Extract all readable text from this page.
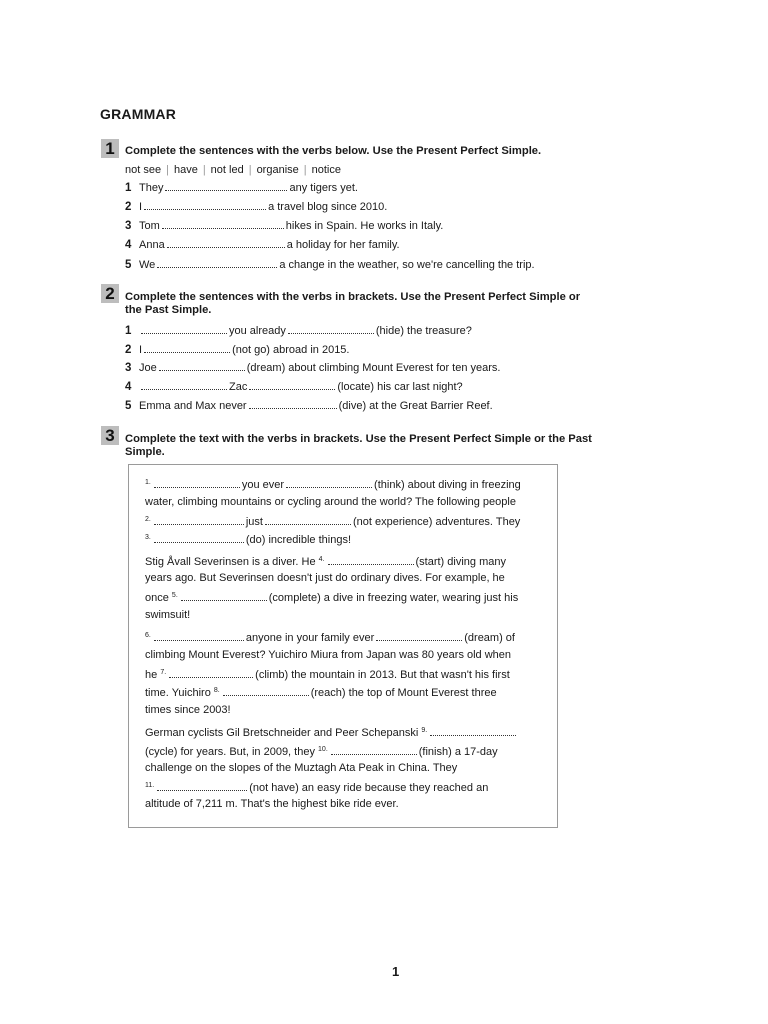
GRAMMAR
1 Complete the sentences with the verbs below. Use the Present Perfect Simple.
not see | have | not led | organise | notice
1 They	any tigers yet.
2 I	a travel blog since 2010.
3 Tom	hikes in Spain. He works in Italy.
4 Anna	a holiday for her family.
5 We	a change in the weather, so we're cancelling the trip.
2 Complete the sentences with the verbs in brackets. Use the Present Perfect Simple or the Past Simple.
1	you already	(hide) the treasure?
2 I	(not go) abroad in 2015.
3 Joe	(dream) about climbing Mount Everest for ten years.
4	Zac	(locate) his car last night?
5 Emma and Max never	(dive) at the Great Barrier Reef.
3 Complete the text with the verbs in brackets. Use the Present Perfect Simple or the Past Simple.
$^{1.}$	you ever	(think) about diving in freezing
water, climbing mountains or cycling around the world? The following people
$^{2.}$	just	(not experience) adventures. They
$^{3.}$	(do) incredible things!
Stig Åvall Severinsen is a diver. He $^{4.}$	(start) diving many
years ago. But Severinsen doesn't just do ordinary dives. For example, he
once $^{5.}$	(complete) a dive in freezing water, wearing just his
swimsuit!
$^{6.}$	anyone in your family ever	(dream) of
climbing Mount Everest? Yuichiro Miura from Japan was 80 years old when
he $^{7.}$	(climb) the mountain in 2013. But that wasn't his first
time. Yuichiro $^{8.}$	(reach) the top of Mount Everest three
times since 2003!
German cyclists Gil Bretschneider and Peer Schepanski $^{9.}$
(cycle) for years. But, in 2009, they $^{10.}$	(finish) a 17-day
challenge on the slopes of the Muztagh Ata Peak in China. They
$^{11.}$	(not have) an easy ride because they reached an
altitude of 7,211 m. That's the highest bike ride ever.
1
